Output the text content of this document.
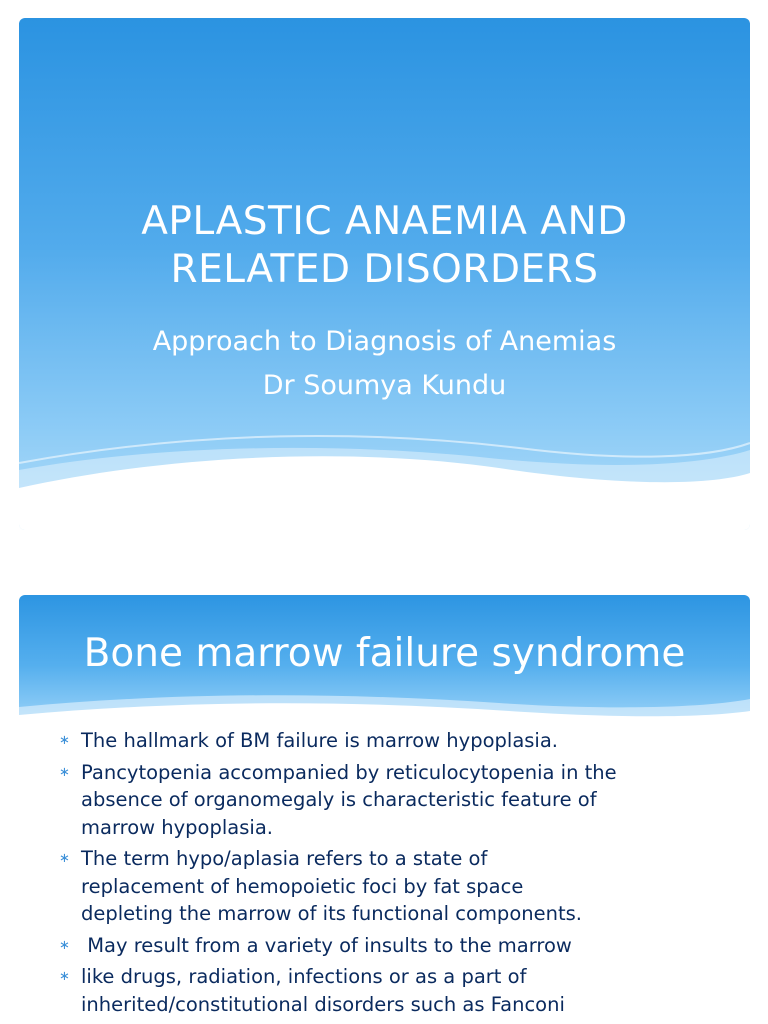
APLASTIC ANAEMIA AND
RELATED DISORDERS
Approach to Diagnosis of Anemias
Dr Soumya Kundu
Bone marrow failure syndrome
∗ The hallmark of BM failure is marrow hypoplasia.
∗ Pancytopenia accompanied by reticulocytopenia in the
absence of organomegaly is characteristic feature of
marrow hypoplasia.
∗ The term hypo/aplasia refers to a state of
replacement of hemopoietic foci by fat space
depleting the marrow of its functional components.
∗ May result from a variety of insults to the marrow
∗ like drugs, radiation, infections or as a part of
inherited/constitutional disorders such as Fanconi
